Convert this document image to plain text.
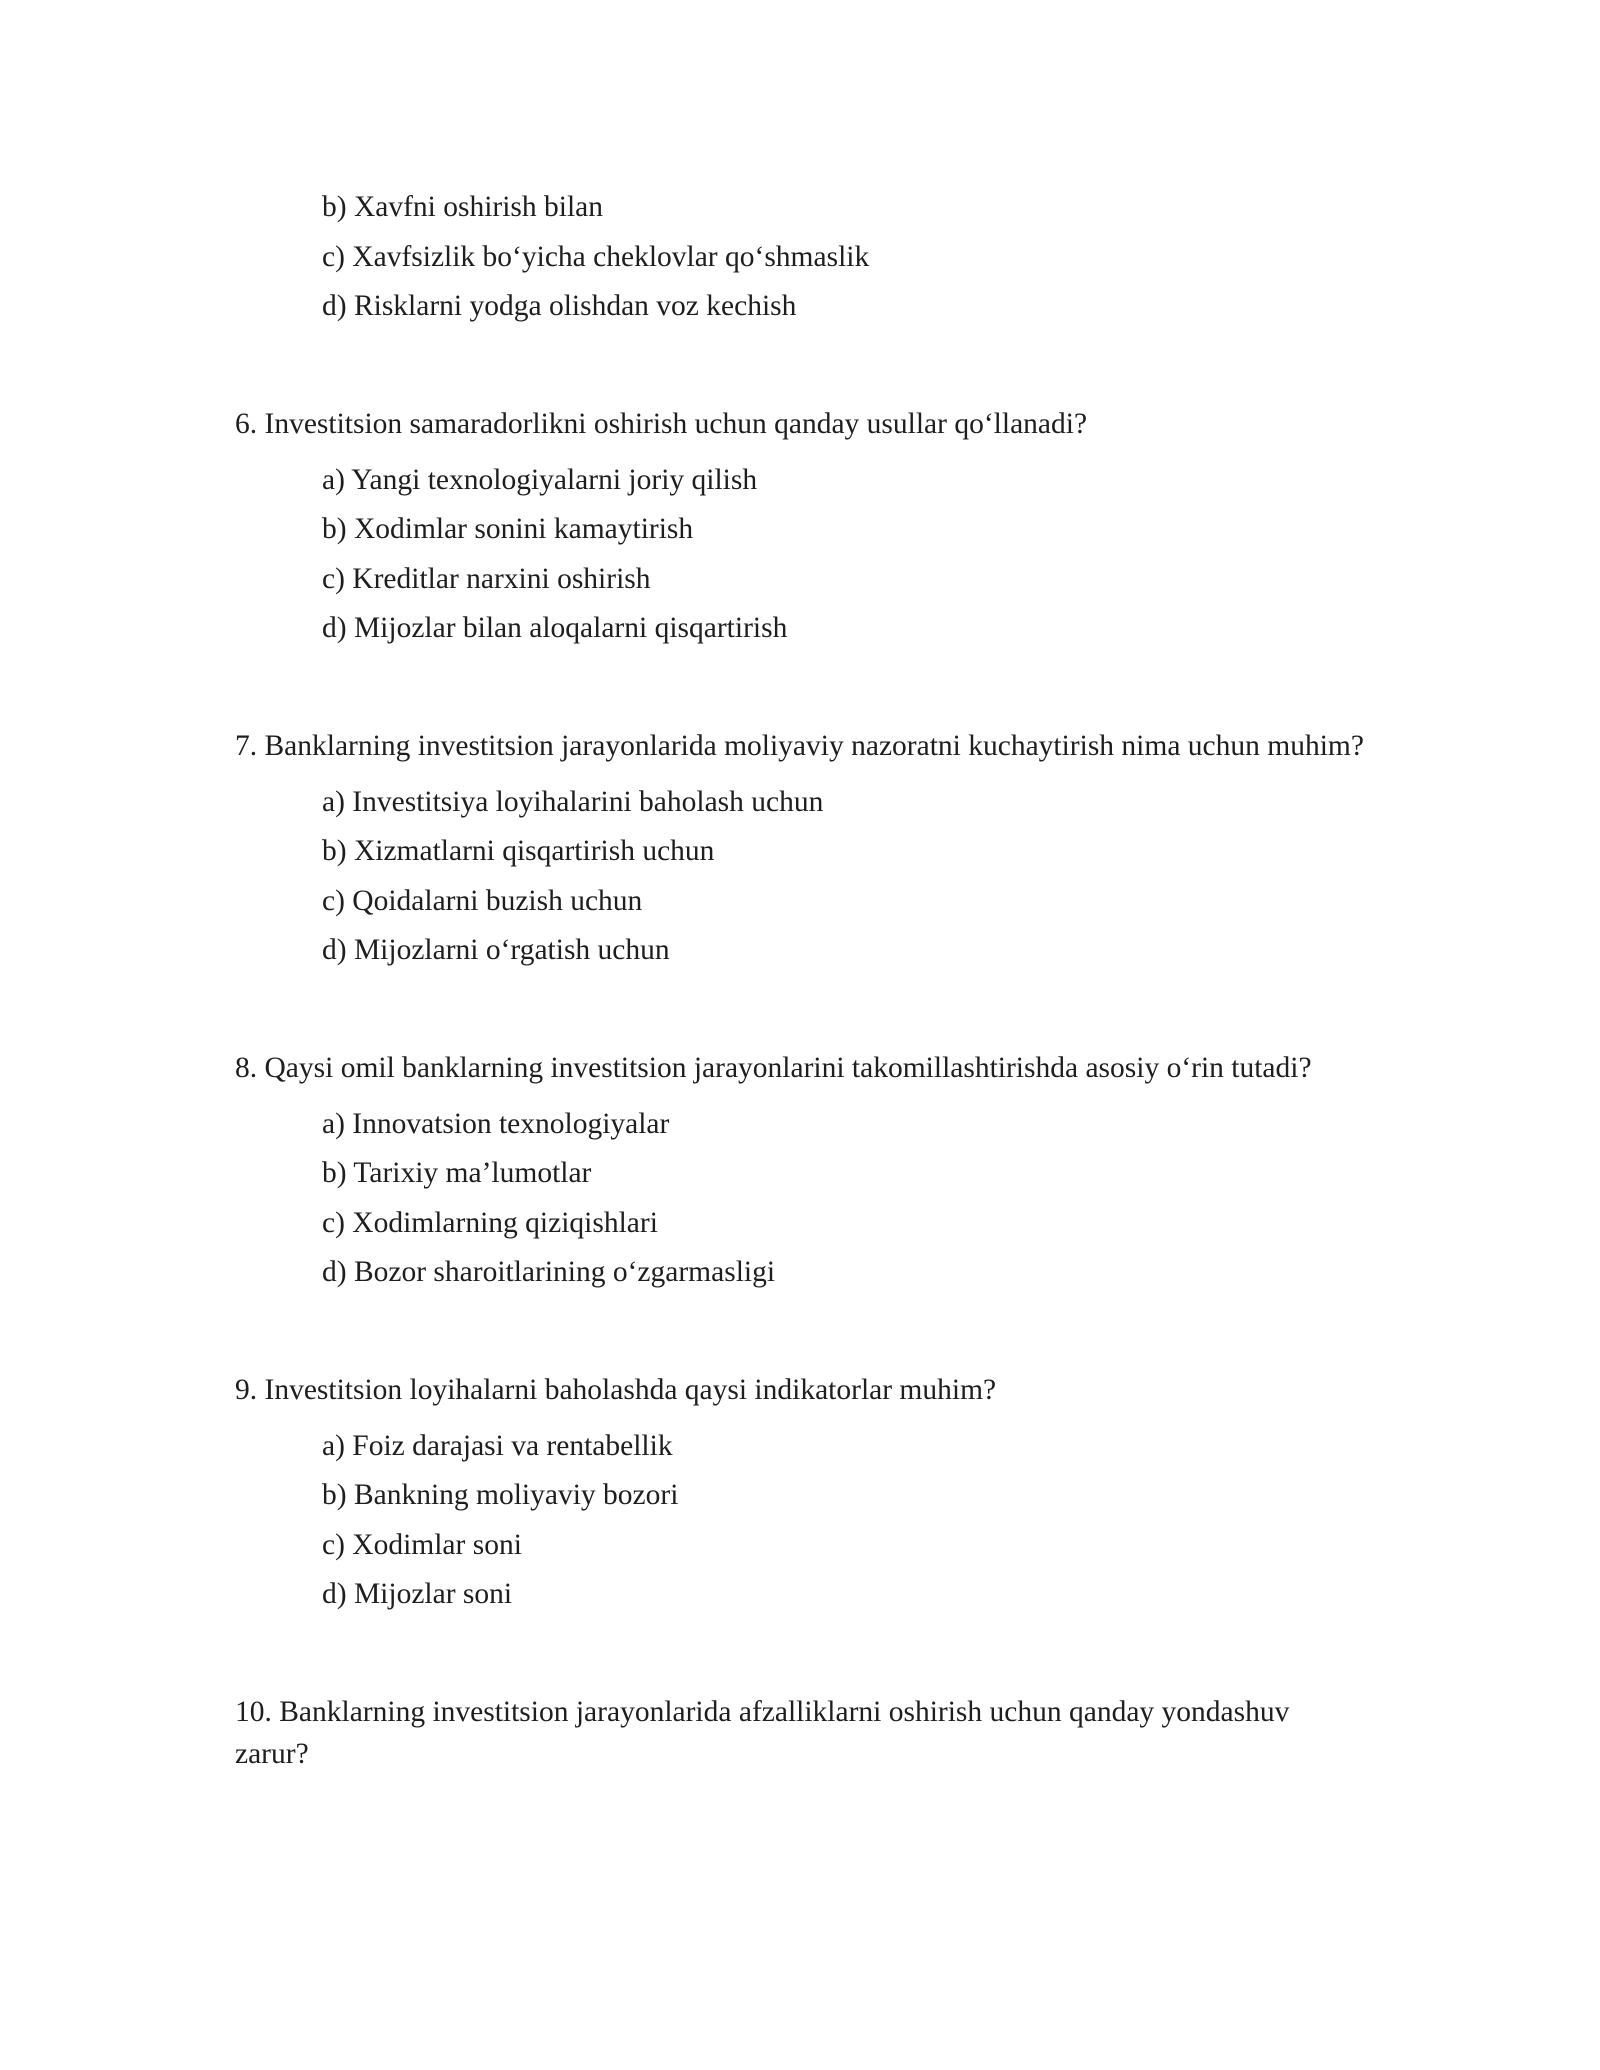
b) Xavfni oshirish bilan
c) Xavfsizlik bo‘yicha cheklovlar qo‘shmaslik
d) Risklarni yodga olishdan voz kechish
6. Investitsion samaradorlikni oshirish uchun qanday usullar qo‘llanadi?
a) Yangi texnologiyalarni joriy qilish
b) Xodimlar sonini kamaytirish
c) Kreditlar narxini oshirish
d) Mijozlar bilan aloqalarni qisqartirish
7. Banklarning investitsion jarayonlarida moliyaviy nazoratni kuchaytirish nima uchun muhim?
a) Investitsiya loyihalarini baholash uchun
b) Xizmatlarni qisqartirish uchun
c) Qoidalarni buzish uchun
d) Mijozlarni o‘rgatish uchun
8. Qaysi omil banklarning investitsion jarayonlarini takomillashtirishda asosiy o‘rin tutadi?
a) Innovatsion texnologiyalar
b) Tarixiy ma’lumotlar
c) Xodimlarning qiziqishlari
d) Bozor sharoitlarining o‘zgarmasligi
9. Investitsion loyihalarni baholashda qaysi indikatorlar muhim?
a) Foiz darajasi va rentabellik
b) Bankning moliyaviy bozori
c) Xodimlar soni
d) Mijozlar soni
10. Banklarning investitsion jarayonlarida afzalliklarni oshirish uchun qanday yondashuv zarur?
